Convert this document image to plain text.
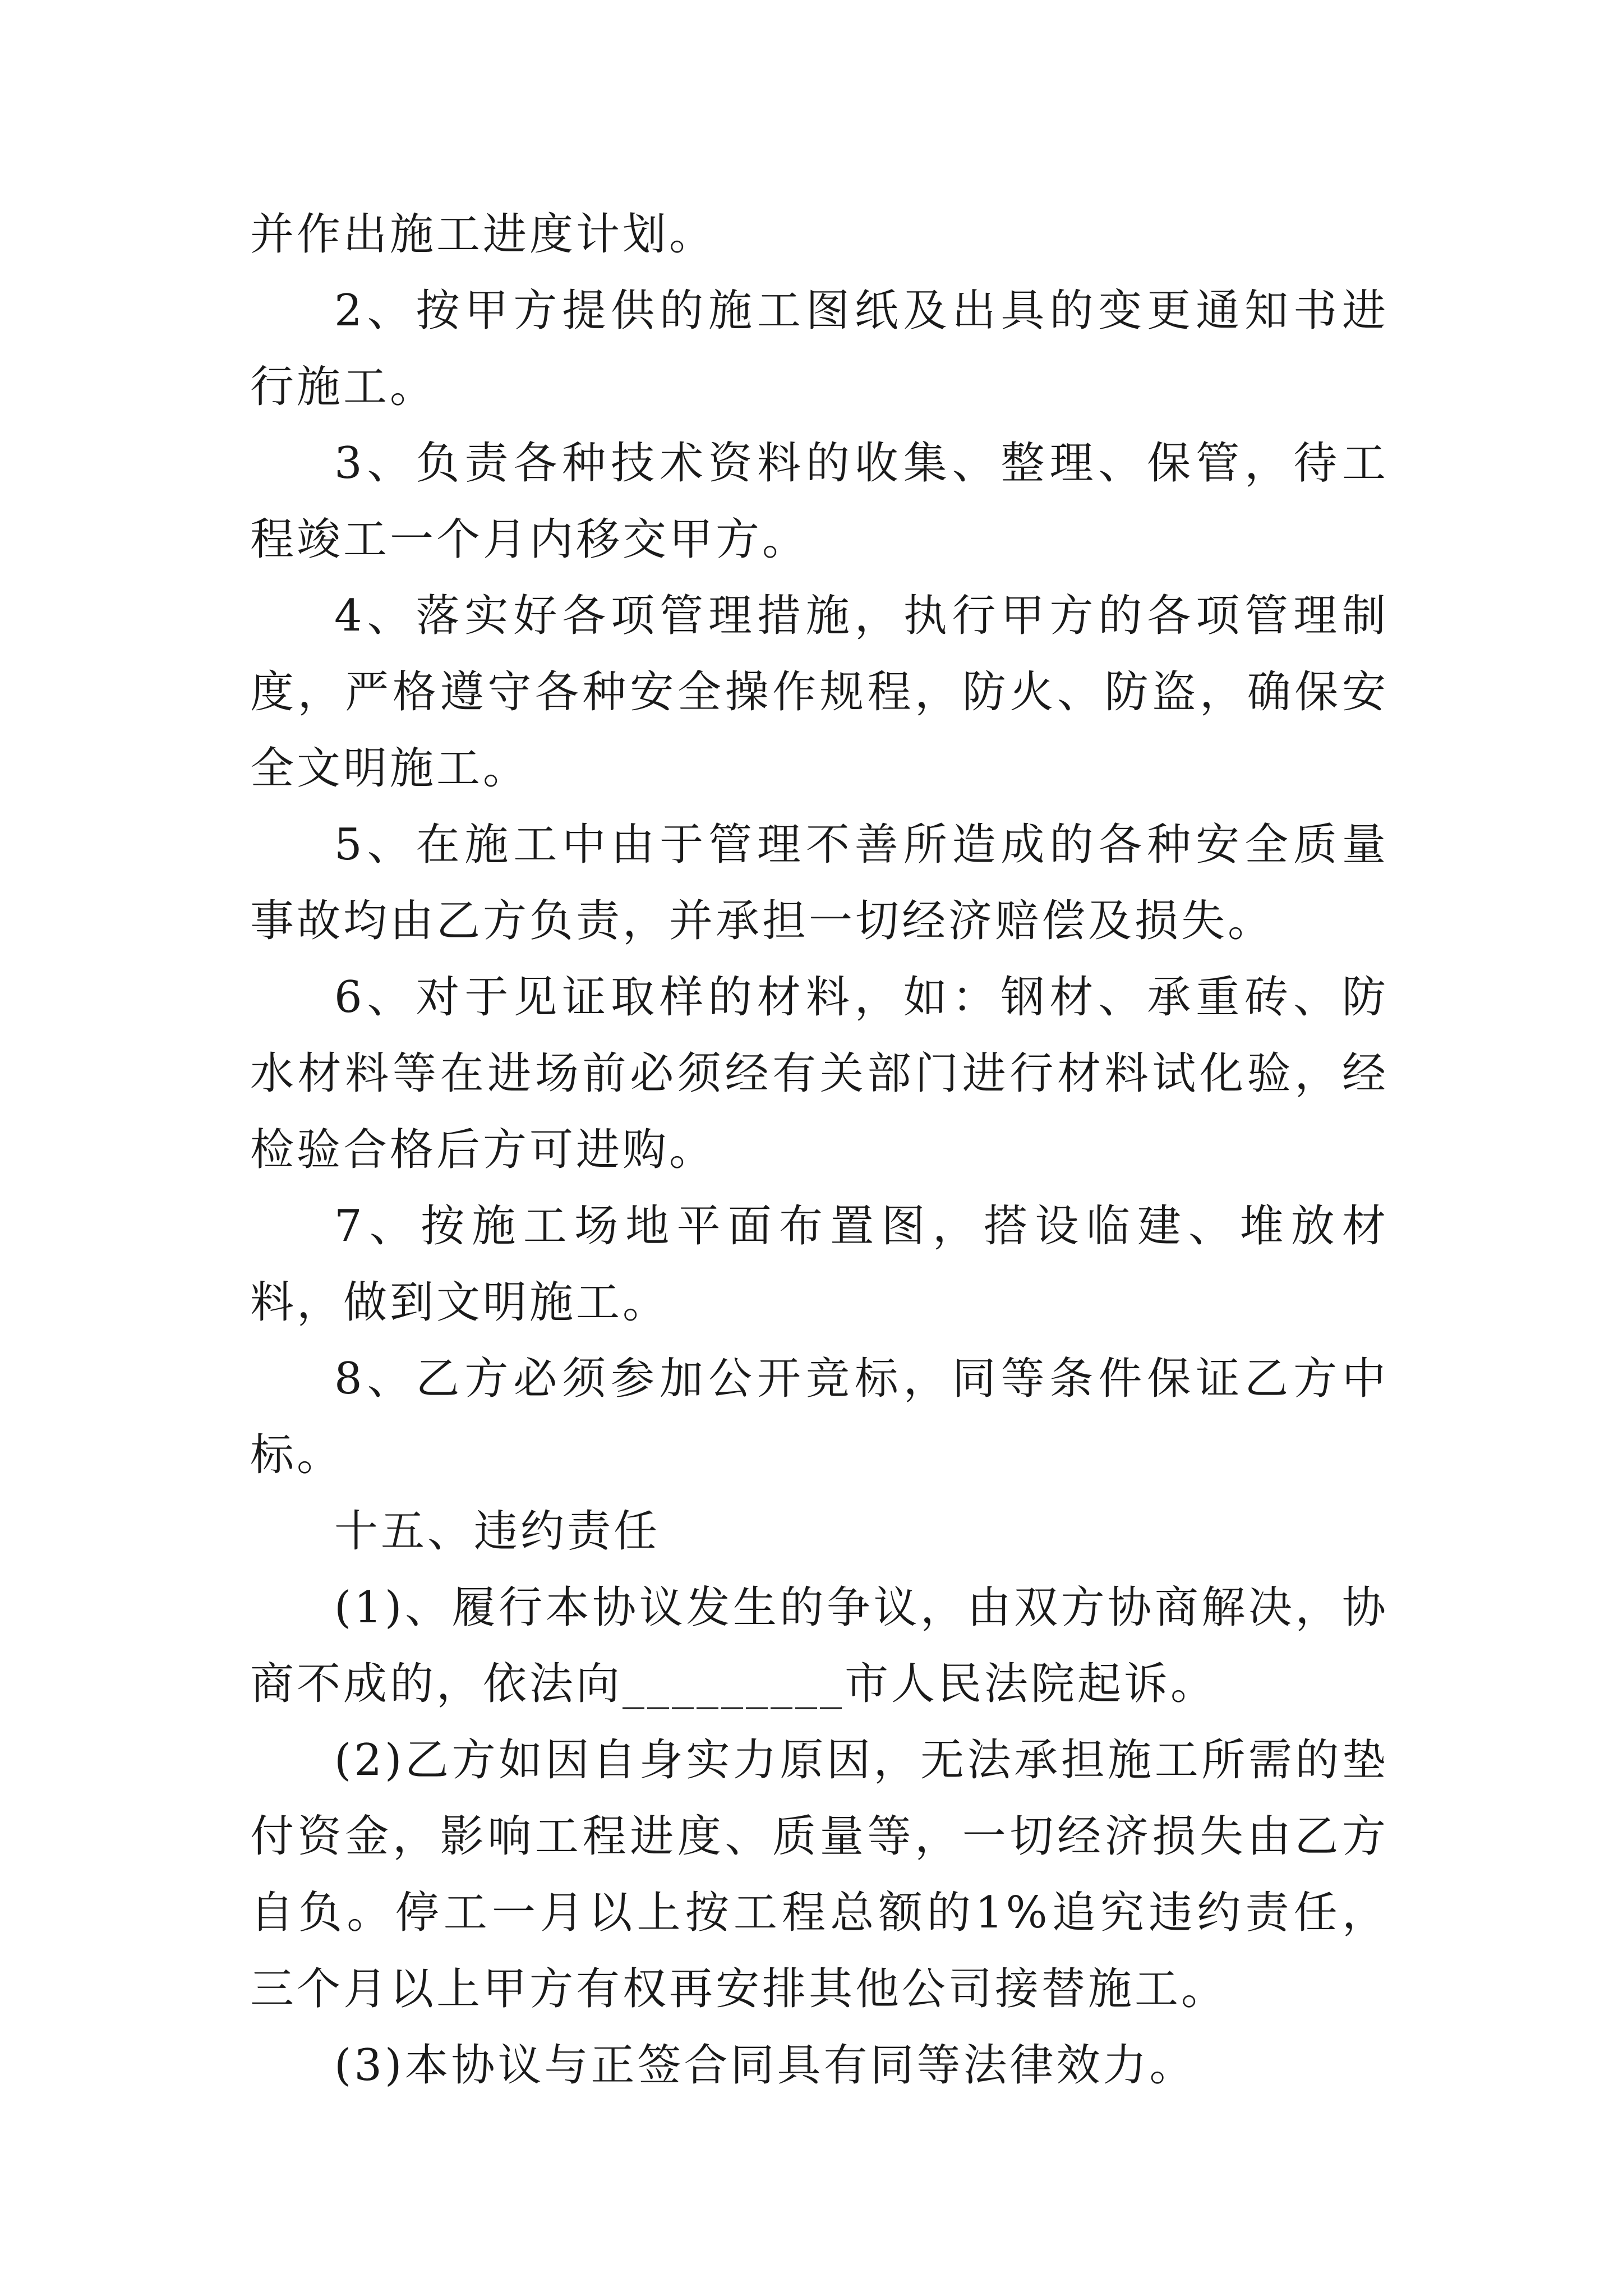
并作出施工进度计划。

2、按甲方提供的施工图纸及出具的变更通知书进行施工。

3、负责各种技术资料的收集、整理、保管，待工程竣工一个月内移交甲方。

4、落实好各项管理措施，执行甲方的各项管理制度，严格遵守各种安全操作规程，防火、防盗，确保安全文明施工。

5、在施工中由于管理不善所造成的各种安全质量事故均由乙方负责，并承担一切经济赔偿及损失。

6、对于见证取样的材料，如：钢材、承重砖、防水材料等在进场前必须经有关部门进行材料试化验，经检验合格后方可进购。

7、按施工场地平面布置图，搭设临建、堆放材料，做到文明施工。

8、乙方必须参加公开竞标，同等条件保证乙方中标。

十五、违约责任

(1)、履行本协议发生的争议，由双方协商解决，协商不成的，依法向_________市人民法院起诉。

(2)乙方如因自身实力原因，无法承担施工所需的垫付资金，影响工程进度、质量等，一切经济损失由乙方自负。停工一月以上按工程总额的1%追究违约责任，三个月以上甲方有权再安排其他公司接替施工。

(3)本协议与正签合同具有同等法律效力。
